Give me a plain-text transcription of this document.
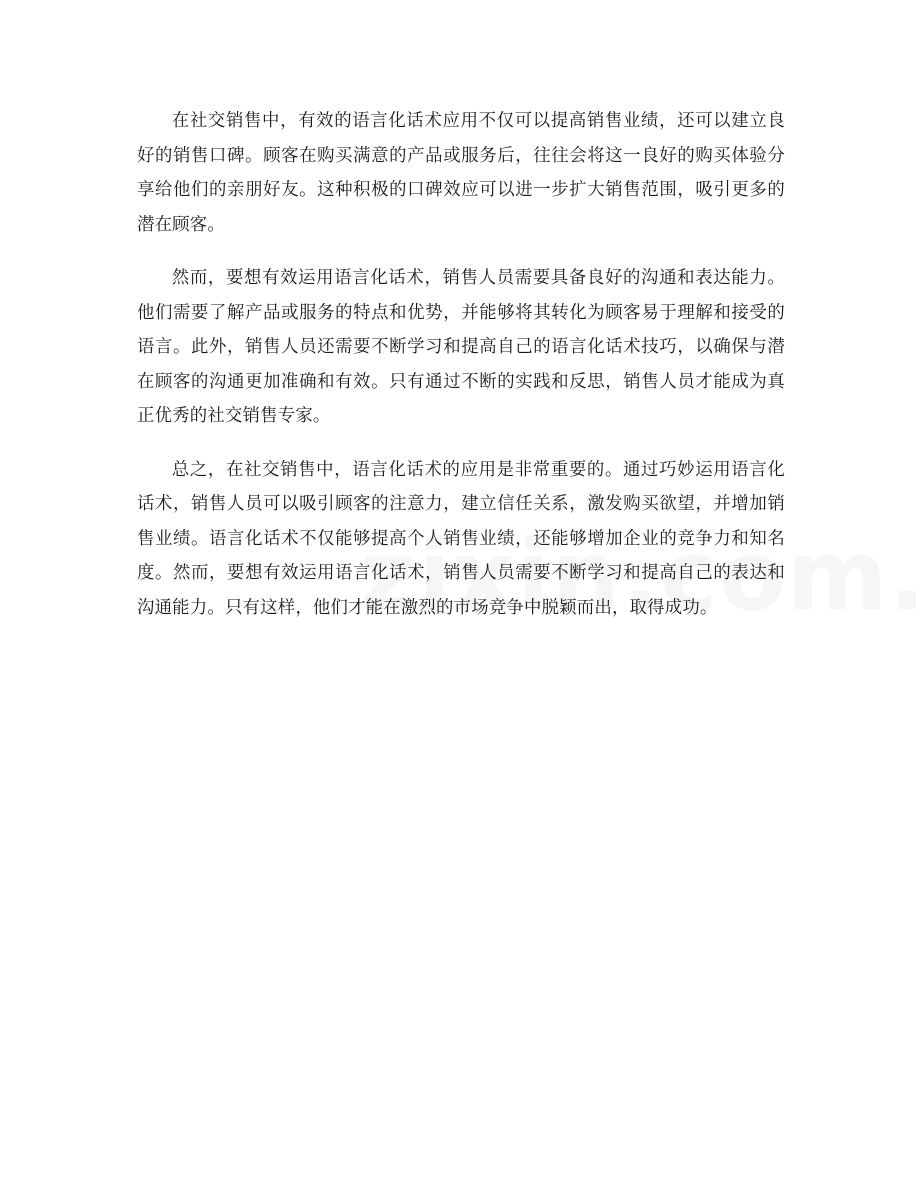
在社交销售中，有效的语言化话术应用不仅可以提高销售业绩，还可以建立良好的销售口碑。顾客在购买满意的产品或服务后，往往会将这一良好的购买体验分享给他们的亲朋好友。这种积极的口碑效应可以进一步扩大销售范围，吸引更多的潜在顾客。

然而，要想有效运用语言化话术，销售人员需要具备良好的沟通和表达能力。他们需要了解产品或服务的特点和优势，并能够将其转化为顾客易于理解和接受的语言。此外，销售人员还需要不断学习和提高自己的语言化话术技巧，以确保与潜在顾客的沟通更加准确和有效。只有通过不断的实践和反思，销售人员才能成为真正优秀的社交销售专家。

总之，在社交销售中，语言化话术的应用是非常重要的。通过巧妙运用语言化话术，销售人员可以吸引顾客的注意力，建立信任关系，激发购买欲望，并增加销售业绩。语言化话术不仅能够提高个人销售业绩，还能够增加企业的竞争力和知名度。然而，要想有效运用语言化话术，销售人员需要不断学习和提高自己的表达和沟通能力。只有这样，他们才能在激烈的市场竞争中脱颖而出，取得成功。
